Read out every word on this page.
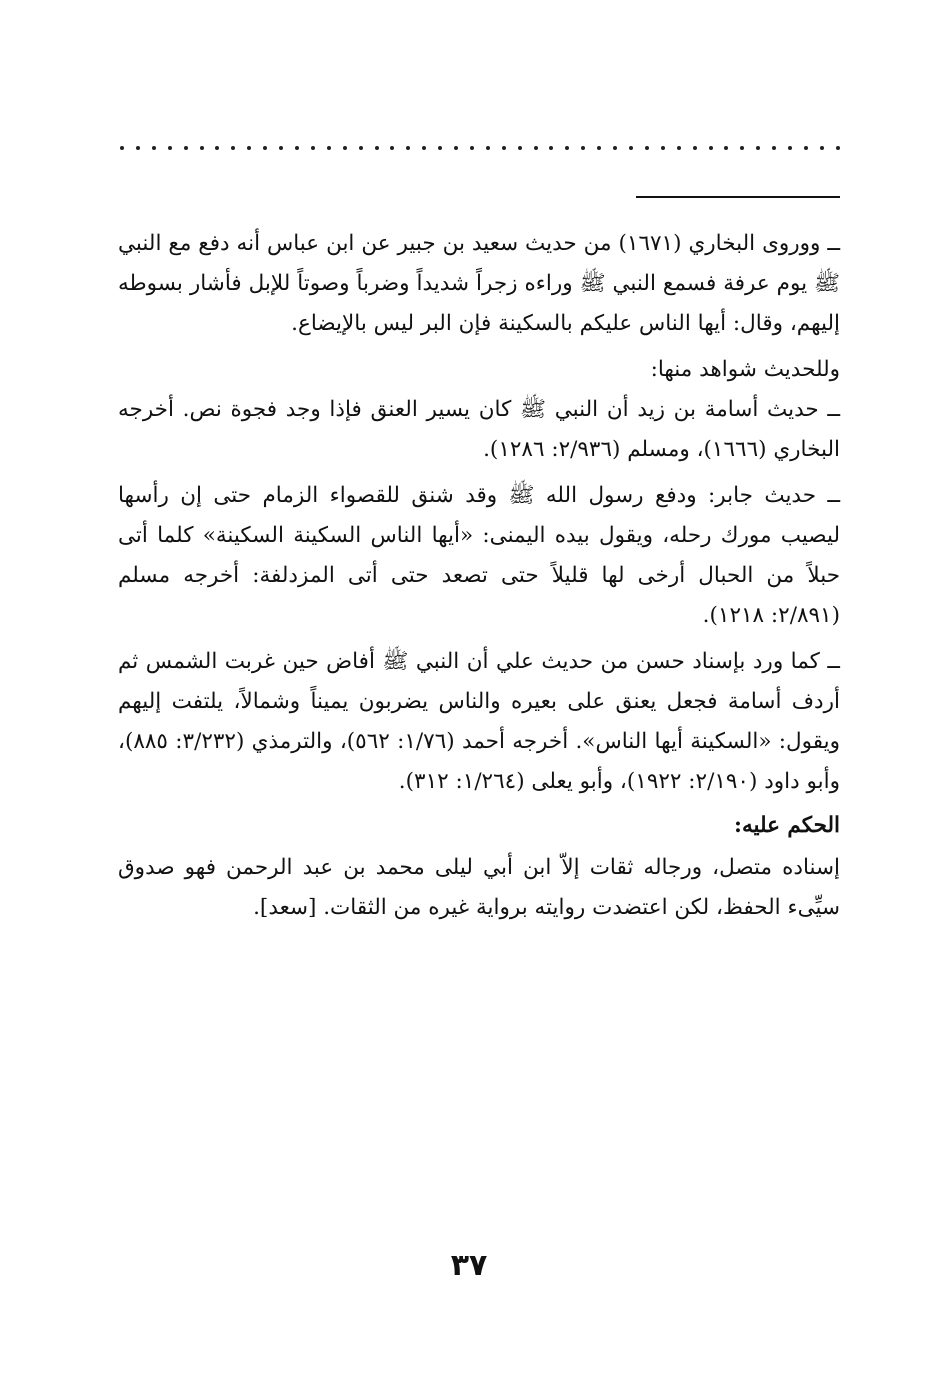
ــ ووروى البخاري (١٦٧١) من حديث سعيد بن جبير عن ابن عباس أنه دفع مع النبي ﷺ يوم عرفة فسمع النبي ﷺ وراءه زجراً شديداً وضرباً وصوتاً للإبل فأشار بسوطه إليهم، وقال: أيها الناس عليكم بالسكينة فإن البر ليس بالإيضاع.

وللحديث شواهد منها:

ــ حديث أسامة بن زيد أن النبي ﷺ كان يسير العنق فإذا وجد فجوة نص. أخرجه البخاري (١٦٦٦)، ومسلم (٢/٩٣٦: ١٢٨٦).

ــ حديث جابر: ودفع رسول الله ﷺ وقد شنق للقصواء الزمام حتى إن رأسها ليصيب مورك رحله، ويقول بيده اليمنى: «أيها الناس السكينة السكينة» كلما أتى حبلاً من الحبال أرخى لها قليلاً حتى تصعد حتى أتى المزدلفة: أخرجه مسلم (٢/٨٩١: ١٢١٨).

ــ كما ورد بإسناد حسن من حديث علي أن النبي ﷺ أفاض حين غربت الشمس ثم أردف أسامة فجعل يعنق على بعيره والناس يضربون يميناً وشمالاً، يلتفت إليهم ويقول: «السكينة أيها الناس». أخرجه أحمد (١/٧٦: ٥٦٢)، والترمذي (٣/٢٣٢: ٨٨٥)، وأبو داود (٢/١٩٠: ١٩٢٢)، وأبو يعلى (١/٢٦٤: ٣١٢).

الحكم عليه:

إسناده متصل، ورجاله ثقات إلاّ ابن أبي ليلى محمد بن عبد الرحمن فهو صدوق سيِّىء الحفظ، لكن اعتضدت روايته برواية غيره من الثقات. [سعد].

٣٧
